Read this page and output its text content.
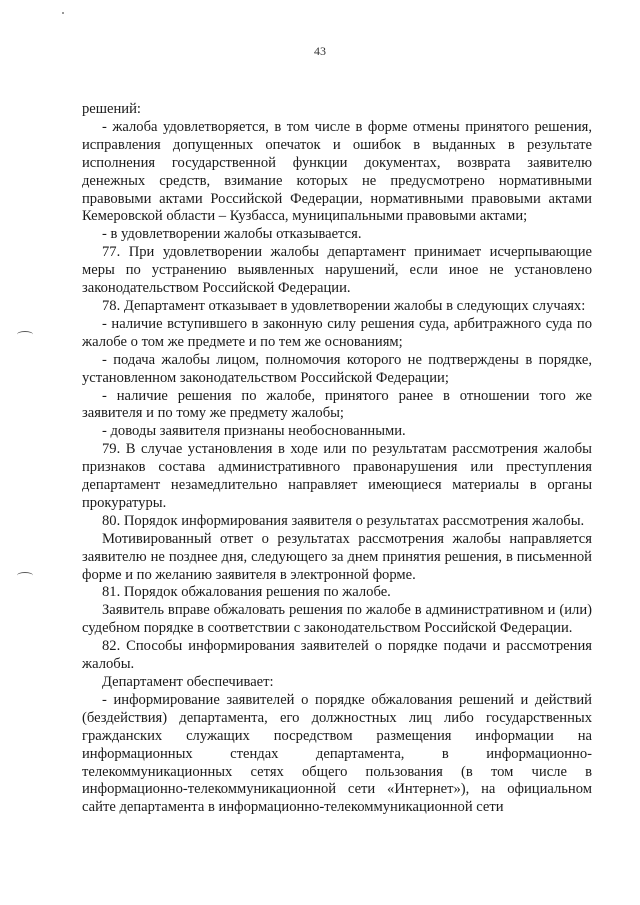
43

решений:

- жалоба удовлетворяется, в том числе в форме отмены принятого решения, исправления допущенных опечаток и ошибок в выданных в результате исполнения государственной функции документах, возврата заявителю денежных средств, взимание которых не предусмотрено нормативными правовыми актами Российской Федерации, нормативными правовыми актами Кемеровской области – Кузбасса, муниципальными правовыми актами;

- в удовлетворении жалобы отказывается.

77. При удовлетворении жалобы департамент принимает исчерпывающие меры по устранению выявленных нарушений, если иное не установлено законодательством Российской Федерации.

78. Департамент отказывает в удовлетворении жалобы в следующих случаях:

- наличие вступившего в законную силу решения суда, арбитражного суда по жалобе о том же предмете и по тем же основаниям;

- подача жалобы лицом, полномочия которого не подтверждены в порядке, установленном законодательством Российской Федерации;

- наличие решения по жалобе, принятого ранее в отношении того же заявителя и по тому же предмету жалобы;

- доводы заявителя признаны необоснованными.

79. В случае установления в ходе или по результатам рассмотрения жалобы признаков состава административного правонарушения или преступления департамент незамедлительно направляет имеющиеся материалы в органы прокуратуры.

80. Порядок информирования заявителя о результатах рассмотрения жалобы.

Мотивированный ответ о результатах рассмотрения жалобы направляется заявителю не позднее дня, следующего за днем принятия решения, в письменной форме и по желанию заявителя в электронной форме.

81. Порядок обжалования решения по жалобе.

Заявитель вправе обжаловать решения по жалобе в административном и (или) судебном порядке в соответствии с законодательством Российской Федерации.

82. Способы информирования заявителей о порядке подачи и рассмотрения жалобы.

Департамент обеспечивает:

- информирование заявителей о порядке обжалования решений и действий (бездействия) департамента, его должностных лиц либо государственных гражданских служащих посредством размещения информации на информационных стендах департамента, в информационно-телекоммуникационных сетях общего пользования (в том числе в информационно-телекоммуникационной сети «Интернет»), на официальном сайте департамента в информационно-телекоммуникационной сети
